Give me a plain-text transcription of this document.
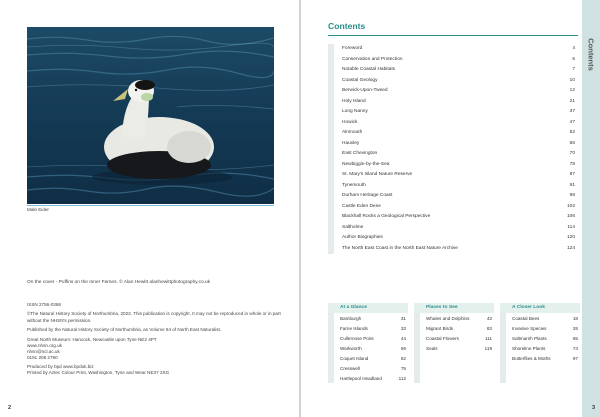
Male Eider
On the cover - Puffins on the Inner Farnes. © Alan Hewitt alanhewittphotography.co.uk

ISSN 2756-0368

©The Natural History Society of Northumbria, 2023. This publication is copyright. It may not be reproduced in whole or in part without the NHSN's permission.

Published by the Natural History Society of Northumbria, as Volume 94 of North East Naturalist.

Great North Museum: Hancock, Newcastle upon Tyne NE2 4PT

www.nhsn.org.uk

nhsn@ncl.ac.uk

0191 208 2790

Produced by bpd www.bpduk.biz

Printed by Aztec Colour Print, Washington, Tyne and Wear NE37 2SG

2
Contents
Foreword	4
Conservation and Protection	6
Notable Coastal Habitats	7
Coastal Geology	10
Berwick-Upon-Tweed	12
Holy Island	21
Long Nanny	37
Howick	47
Alnmouth	52
Hauxley	66
East Chevington	70
Newbiggin-by-the-Sea	78
St. Mary's Island Nature Reserve	87
Tynemouth	91
Durham Heritage Coast	98
Castle Eden Dene	102
Blackhall Rocks a Geological Perspective	106
Saltholme	114
Author Biographies	120
The North East Coast in the North East Nature Archive	124
At a Glance
Bamburgh	31
Farne Islands	33
Cullernose Point	44
Warkworth	59
Coquet Island	62
Cresswell	75
Hartlepool Headland	112
Places to See
Whales and Dolphins	43
Migrant Birds	83
Coastal Flowers	111
Seals	119
A Closer Look
Coastal Bees	18
Invasive Species	28
Saltmarsh Plants	65
Shoreline Plants	74
Butterflies & Moths	97
Contents
3
